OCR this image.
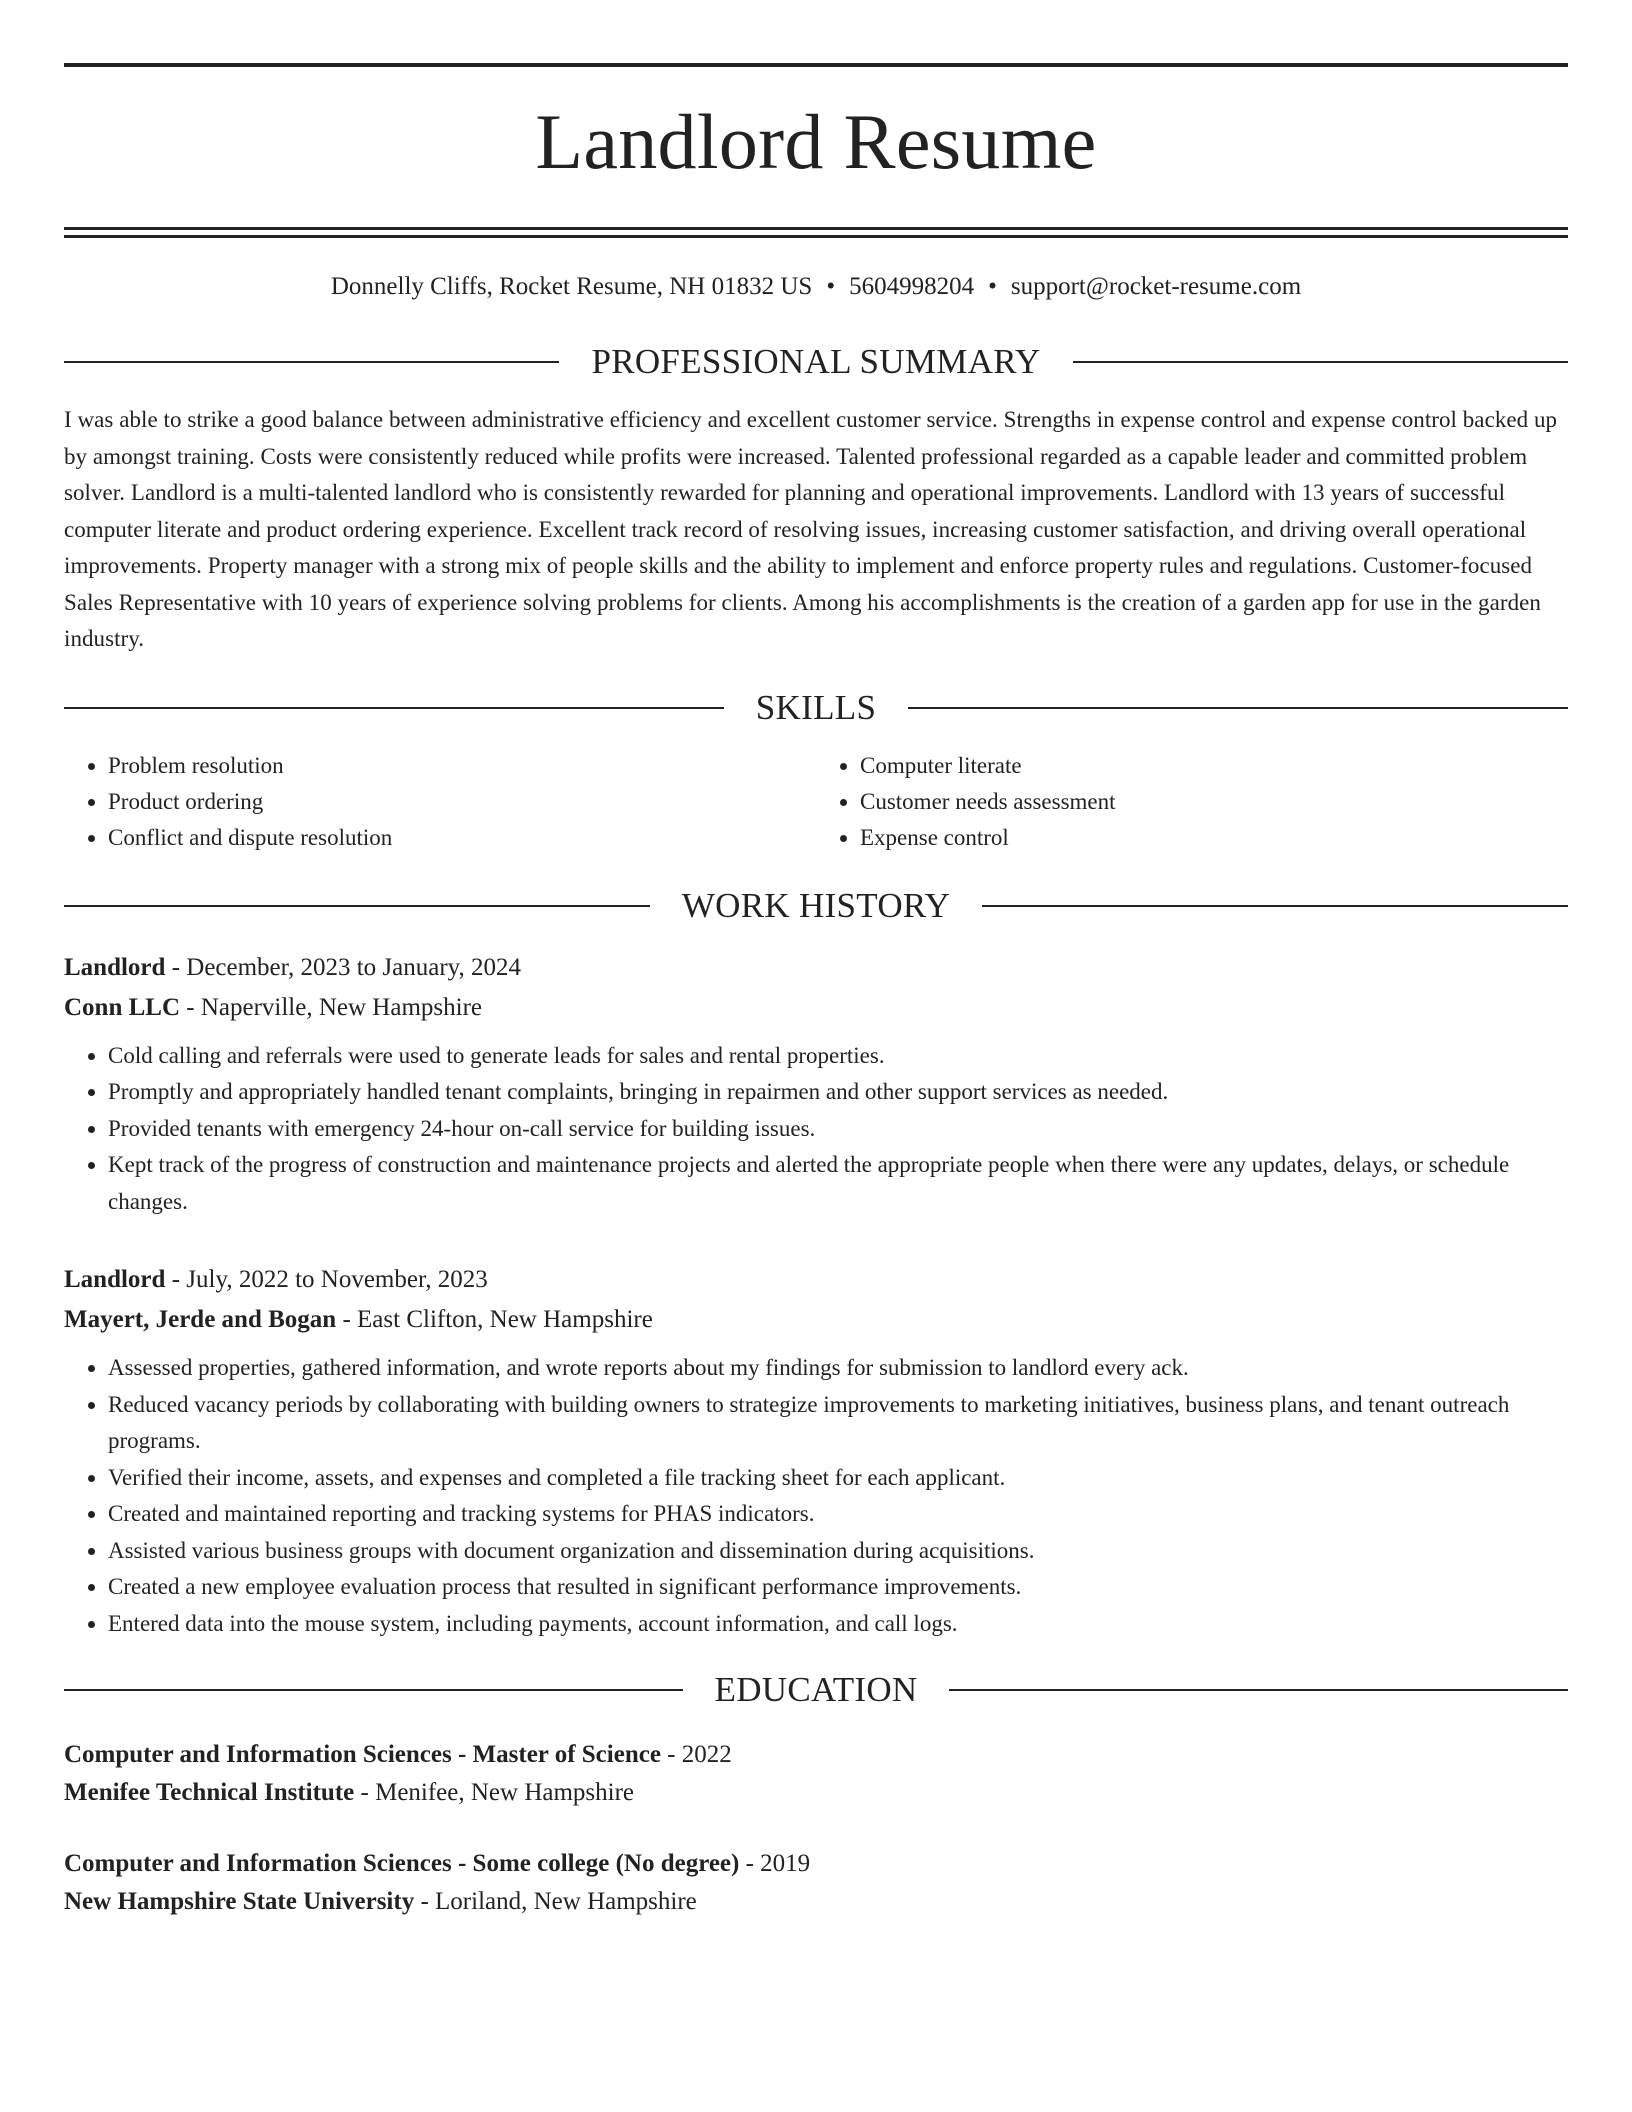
Landlord Resume
Donnelly Cliffs, Rocket Resume, NH 01832 US • 5604998204 • support@rocket-resume.com
PROFESSIONAL SUMMARY

I was able to strike a good balance between administrative efficiency and excellent customer service. Strengths in expense control and expense control backed up by amongst training. Costs were consistently reduced while profits were increased. Talented professional regarded as a capable leader and committed problem solver. Landlord is a multi-talented landlord who is consistently rewarded for planning and operational improvements. Landlord with 13 years of successful computer literate and product ordering experience. Excellent track record of resolving issues, increasing customer satisfaction, and driving overall operational improvements. Property manager with a strong mix of people skills and the ability to implement and enforce property rules and regulations. Customer-focused Sales Representative with 10 years of experience solving problems for clients. Among his accomplishments is the creation of a garden app for use in the garden industry.

SKILLS
• Problem resolution
• Product ordering
• Conflict and dispute resolution
• Computer literate
• Customer needs assessment
• Expense control
WORK HISTORY
Landlord - December, 2023 to January, 2024
Conn LLC - Naperville, New Hampshire
• Cold calling and referrals were used to generate leads for sales and rental properties.
• Promptly and appropriately handled tenant complaints, bringing in repairmen and other support services as needed.
• Provided tenants with emergency 24-hour on-call service for building issues.
• Kept track of the progress of construction and maintenance projects and alerted the appropriate people when there were any updates, delays, or schedule changes.
Landlord - July, 2022 to November, 2023
Mayert, Jerde and Bogan - East Clifton, New Hampshire
• Assessed properties, gathered information, and wrote reports about my findings for submission to landlord every ack.
• Reduced vacancy periods by collaborating with building owners to strategize improvements to marketing initiatives, business plans, and tenant outreach programs.
• Verified their income, assets, and expenses and completed a file tracking sheet for each applicant.
• Created and maintained reporting and tracking systems for PHAS indicators.
• Assisted various business groups with document organization and dissemination during acquisitions.
• Created a new employee evaluation process that resulted in significant performance improvements.
• Entered data into the mouse system, including payments, account information, and call logs.
EDUCATION
Computer and Information Sciences - Master of Science - 2022
Menifee Technical Institute - Menifee, New Hampshire
Computer and Information Sciences - Some college (No degree) - 2019
New Hampshire State University - Loriland, New Hampshire
